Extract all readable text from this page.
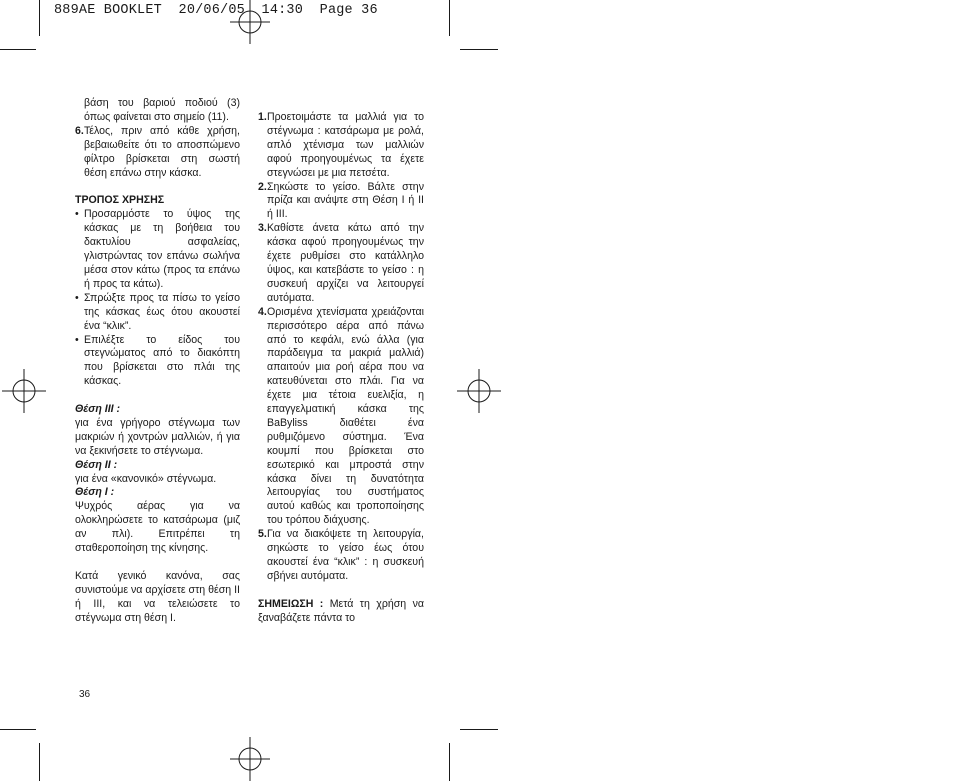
889AE BOOKLET  20/06/05  14:30  Page 36

βάση του βαριού ποδιού (3) όπως φαίνεται στο σημείο (11).

6. Τέλος, πριν από κάθε χρήση, βεβαιωθείτε ότι το αποσπώμενο φίλτρο βρίσκεται στη σωστή θέση επάνω στην κάσκα.

ΤΡΟΠΟΣ ΧΡΗΣΗΣ

• Προσαρμόστε το ύψος της κάσκας με τη βοήθεια του δακτυλίου ασφαλείας, γλιστρώντας τον επάνω σωλήνα μέσα στον κάτω (προς τα επάνω ή προς τα κάτω).
• Σπρώξτε προς τα πίσω το γείσο της κάσκας έως ότου ακουστεί ένα “κλικ”.
• Επιλέξτε το είδος του στεγνώματος από το διακόπτη που βρίσκεται στο πλάι της κάσκας.

Θέση III :

για ένα γρήγορο στέγνωμα των μακριών ή χοντρών μαλλιών, ή για να ξεκινήσετε το στέγνωμα.

Θέση II :

για ένα «κανονικό» στέγνωμα.

Θέση I :

Ψυχρός αέρας για να ολοκληρώσετε το κατσάρωμα (μιζ αν πλι). Επιτρέπει τη σταθεροποίηση της κίνησης.

Κατά γενικό κανόνα, σας συνιστούμε να αρχίσετε στη θέση II ή III, και να τελειώσετε το στέγνωμα στη θέση I.

1. Προετοιμάστε τα μαλλιά για το στέγνωμα : κατσάρωμα με ρολά, απλό χτένισμα των μαλλιών αφού προηγουμένως τα έχετε στεγνώσει με μια πετσέτα.
2. Σηκώστε το γείσο. Βάλτε στην πρίζα και ανάψτε στη Θέση I ή II ή III.
3. Καθίστε άνετα κάτω από την κάσκα αφού προηγουμένως την έχετε ρυθμίσει στο κατάλληλο ύψος, και κατεβάστε το γείσο : η συσκευή αρχίζει να λειτουργεί αυτόματα.
4. Ορισμένα χτενίσματα χρειάζονται περισσότερο αέρα από πάνω από το κεφάλι, ενώ άλλα (για παράδειγμα τα μακριά μαλλιά) απαιτούν μια ροή αέρα που να κατευθύνεται στο πλάι. Για να έχετε μια τέτοια ευελιξία, η επαγγελματική κάσκα της BaByliss διαθέτει ένα ρυθμιζόμενο σύστημα. Ένα κουμπί που βρίσκεται στο εσωτερικό και μπροστά στην κάσκα δίνει τη δυνατότητα λειτουργίας του συστήματος αυτού καθώς και τροποποίησης του τρόπου διάχυσης.
5. Για να διακόψετε τη λειτουργία, σηκώστε το γείσο έως ότου ακουστεί ένα “κλικ” : η συσκευή σβήνει αυτόματα.

ΣΗΜΕΙΩΣΗ : Μετά τη χρήση να ξαναβάζετε πάντα το

36
